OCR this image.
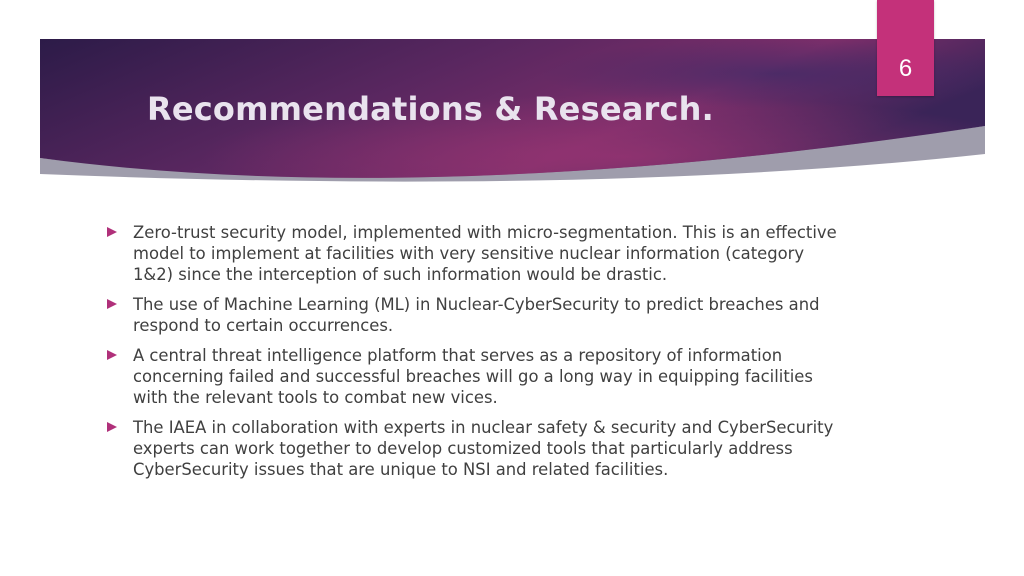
Recommendations & Research.
6
Zero-trust security model, implemented with micro-segmentation. This is an effective model to implement at facilities with very sensitive nuclear information (category 1&2) since the interception of such information would be drastic.
The use of Machine Learning (ML) in Nuclear-CyberSecurity to predict breaches and respond to certain occurrences.
A central threat intelligence platform that serves as a repository of information concerning failed and successful breaches will go a long way in equipping facilities with the relevant tools to combat new vices.
The IAEA in collaboration with experts in nuclear safety & security and CyberSecurity experts can work together to develop customized tools that particularly address CyberSecurity issues that are unique to NSI and related facilities.
